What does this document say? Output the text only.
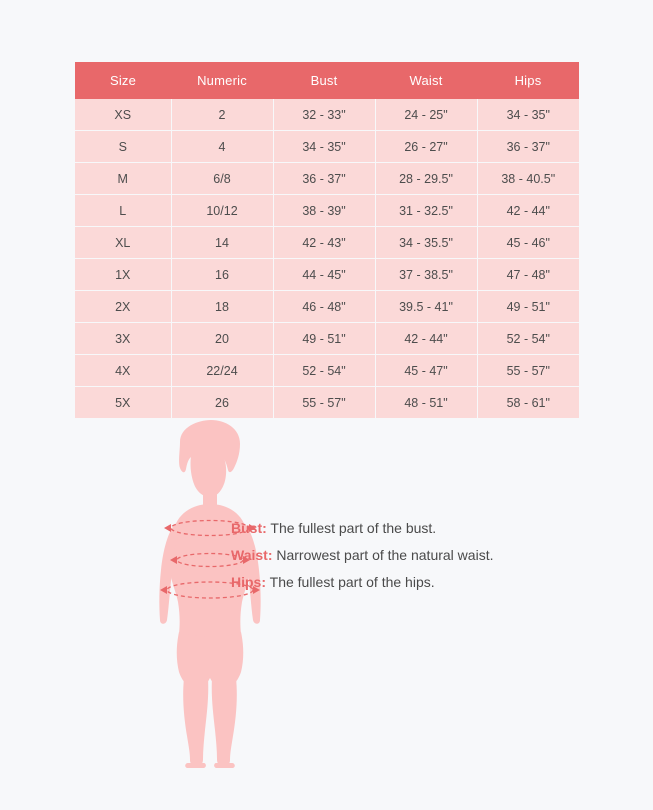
Size	Numeric	Bust	Waist	Hips
XS	2	32 - 33"	24 - 25"	34 - 35"
S	4	34 - 35"	26 - 27"	36 - 37"
M	6/8	36 - 37"	28 - 29.5"	38 - 40.5"
L	10/12	38 - 39"	31 - 32.5"	42 - 44"
XL	14	42 - 43"	34 - 35.5"	45 - 46"
1X	16	44 - 45"	37 - 38.5"	47 - 48"
2X	18	46 - 48"	39.5 - 41"	49 - 51"
3X	20	49 - 51"	42 - 44"	52 - 54"
4X	22/24	52 - 54"	45 - 47"	55 - 57"
5X	26	55 - 57"	48 - 51"	58 - 61"
Bust: The fullest part of the bust.
Waist: Narrowest part of the natural waist.
Hips: The fullest part of the hips.
